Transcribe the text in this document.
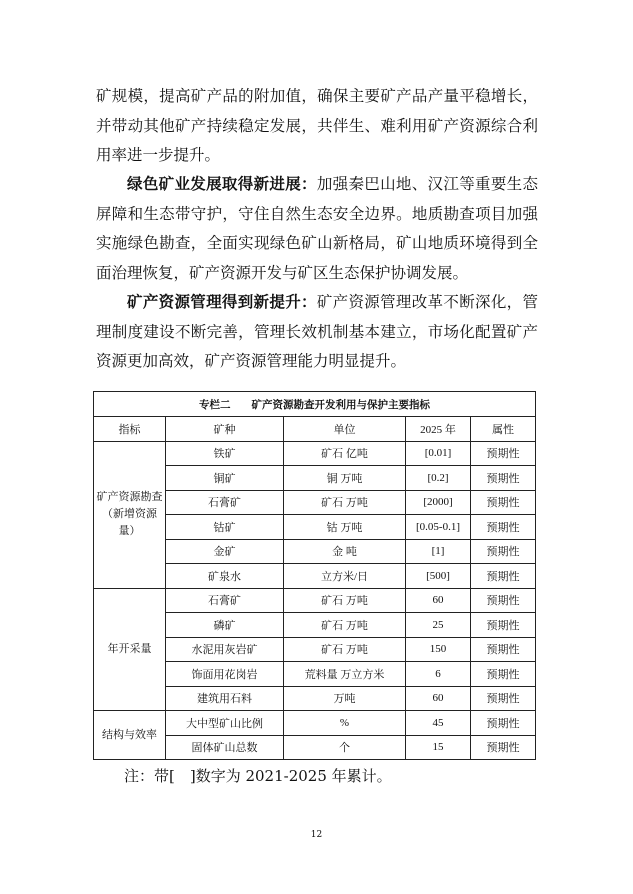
矿规模，提高矿产品的附加值，确保主要矿产品产量平稳增长，并带动其他矿产持续稳定发展，共伴生、难利用矿产资源综合利用率进一步提升。

绿色矿业发展取得新进展：加强秦巴山地、汉江等重要生态屏障和生态带守护，守住自然生态安全边界。地质勘查项目加强实施绿色勘查，全面实现绿色矿山新格局，矿山地质环境得到全面治理恢复，矿产资源开发与矿区生态保护协调发展。

矿产资源管理得到新提升：矿产资源管理改革不断深化，管理制度建设不断完善，管理长效机制基本建立，市场化配置矿产资源更加高效，矿产资源管理能力明显提升。

专栏二　　矿产资源勘查开发利用与保护主要指标				
指标	矿种	单位	2025 年	属性
矿产资源勘查（新增资源量）	铁矿	矿石 亿吨	[0.01]	预期性
	铜矿	铜 万吨	[0.2]	预期性
	石膏矿	矿石 万吨	[2000]	预期性
	钴矿	钴 万吨	[0.05-0.1]	预期性
	金矿	金 吨	[1]	预期性
	矿泉水	立方米/日	[500]	预期性
年开采量	石膏矿	矿石 万吨	60	预期性
	磷矿	矿石 万吨	25	预期性
	水泥用灰岩矿	矿石 万吨	150	预期性
	饰面用花岗岩	荒料量 万立方米	6	预期性
	建筑用石料	万吨	60	预期性
结构与效率	大中型矿山比例	%	45	预期性
	固体矿山总数	个	15	预期性

注：带[　]数字为 2021-2025 年累计。

12
